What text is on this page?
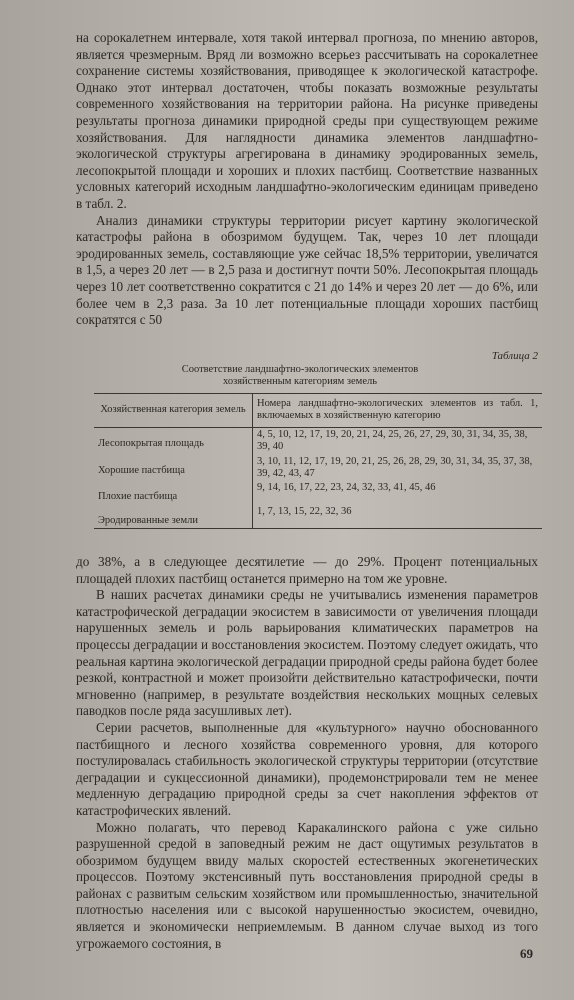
на сорокалетнем интервале, хотя такой интервал прогноза, по мнению авторов, является чрезмерным. Вряд ли возможно всерьез рассчитывать на сорокалетнее сохранение системы хозяйствования, приводящее к экологической катастрофе. Однако этот интервал достаточен, чтобы показать возможные результаты современного хозяйствования на территории района. На рисунке приведены результаты прогноза динамики природной среды при существующем режиме хозяйствования. Для наглядности динамика элементов ландшафтно-экологической структуры агрегирована в динамику эродированных земель, лесопокрытой площади и хороших и плохих пастбищ. Соответствие названных условных категорий исходным ландшафтно-экологическим единицам приведено в табл. 2.

Анализ динамики структуры территории рисует картину экологической катастрофы района в обозримом будущем. Так, через 10 лет площади эродированных земель, составляющие уже сейчас 18,5% территории, увеличатся в 1,5, а через 20 лет — в 2,5 раза и достигнут почти 50%. Лесопокрытая площадь через 10 лет соответственно сократится с 21 до 14% и через 20 лет — до 6%, или более чем в 2,3 раза. За 10 лет потенциальные площади хороших пастбищ сократятся с 50

Таблица 2
Соответствие ландшафтно-экологических элементов
хозяйственным категориям земель
Хозяйственная категория земель	Номера ландшафтно-экологических элементов из табл. 1, включаемых в хозяйственную категорию
Лесопокрытая площадь	4, 5, 10, 12, 17, 19, 20, 21, 24, 25, 26, 27, 29, 30, 31, 34, 35, 38, 39, 40
Хорошие пастбища	3, 10, 11, 12, 17, 19, 20, 21, 25, 26, 28, 29, 30, 31, 34, 35, 37, 38, 39, 42, 43, 47
Плохие пастбища	9, 14, 16, 17, 22, 23, 24, 32, 33, 41, 45, 46
Эродированные земли	1, 7, 13, 15, 22, 32, 36

до 38%, а в следующее десятилетие — до 29%. Процент потенциальных площадей плохих пастбищ останется примерно на том же уровне.

В наших расчетах динамики среды не учитывались изменения параметров катастрофической деградации экосистем в зависимости от увеличения площади нарушенных земель и роль варьирования климатических параметров на процессы деградации и восстановления экосистем. Поэтому следует ожидать, что реальная картина экологической деградации природной среды района будет более резкой, контрастной и может произойти действительно катастрофически, почти мгновенно (например, в результате воздействия нескольких мощных селевых паводков после ряда засушливых лет).

Серии расчетов, выполненные для «культурного» научно обоснованного пастбищного и лесного хозяйства современного уровня, для которого постулировалась стабильность экологической структуры территории (отсутствие деградации и сукцессионной динамики), продемонстрировали тем не менее медленную деградацию природной среды за счет накопления эффектов от катастрофических явлений.

Можно полагать, что перевод Каракалинского района с уже сильно разрушенной средой в заповедный режим не даст ощутимых результатов в обозримом будущем ввиду малых скоростей естественных экогенетических процессов. Поэтому экстенсивный путь восстановления природной среды в районах с развитым сельским хозяйством или промышленностью, значительной плотностью населения или с высокой нарушенностью экосистем, очевидно, является и экономически неприемлемым. В данном случае выход из того угрожаемого состояния, в

69
